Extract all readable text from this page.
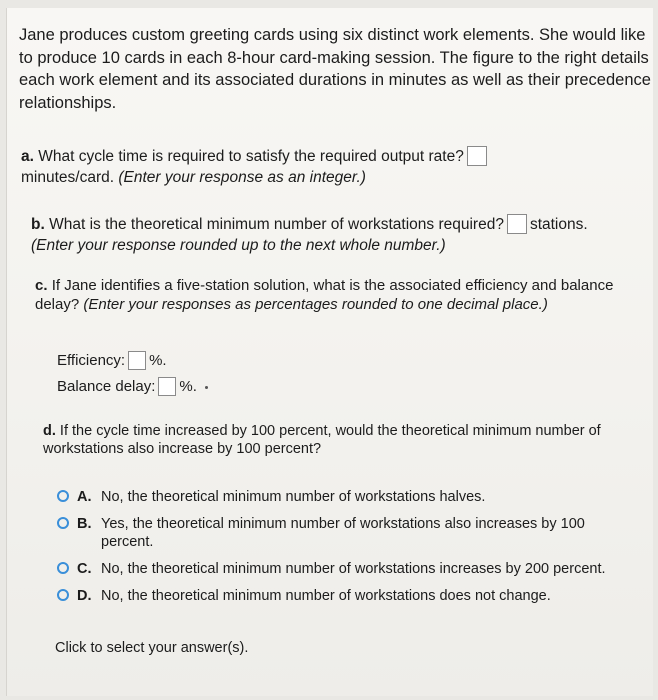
Jane produces custom greeting cards using six distinct work elements. She would like to produce 10 cards in each 8-hour card-making session. The figure to the right details each work element and its associated durations in minutes as well as their precedence relationships.
a. What cycle time is required to satisfy the required output rate?
minutes/card. (Enter your response as an integer.)
b. What is the theoretical minimum number of workstations required? stations.
(Enter your response rounded up to the next whole number.)
c. If Jane identifies a five-station solution, what is the associated efficiency and balance delay? (Enter your responses as percentages rounded to one decimal place.)
Efficiency: %.
Balance delay: %.
d. If the cycle time increased by 100 percent, would the theoretical minimum number of workstations also increase by 100 percent?
A. No, the theoretical minimum number of workstations halves.
B. Yes, the theoretical minimum number of workstations also increases by 100 percent.
C. No, the theoretical minimum number of workstations increases by 200 percent.
D. No, the theoretical minimum number of workstations does not change.
Click to select your answer(s).
